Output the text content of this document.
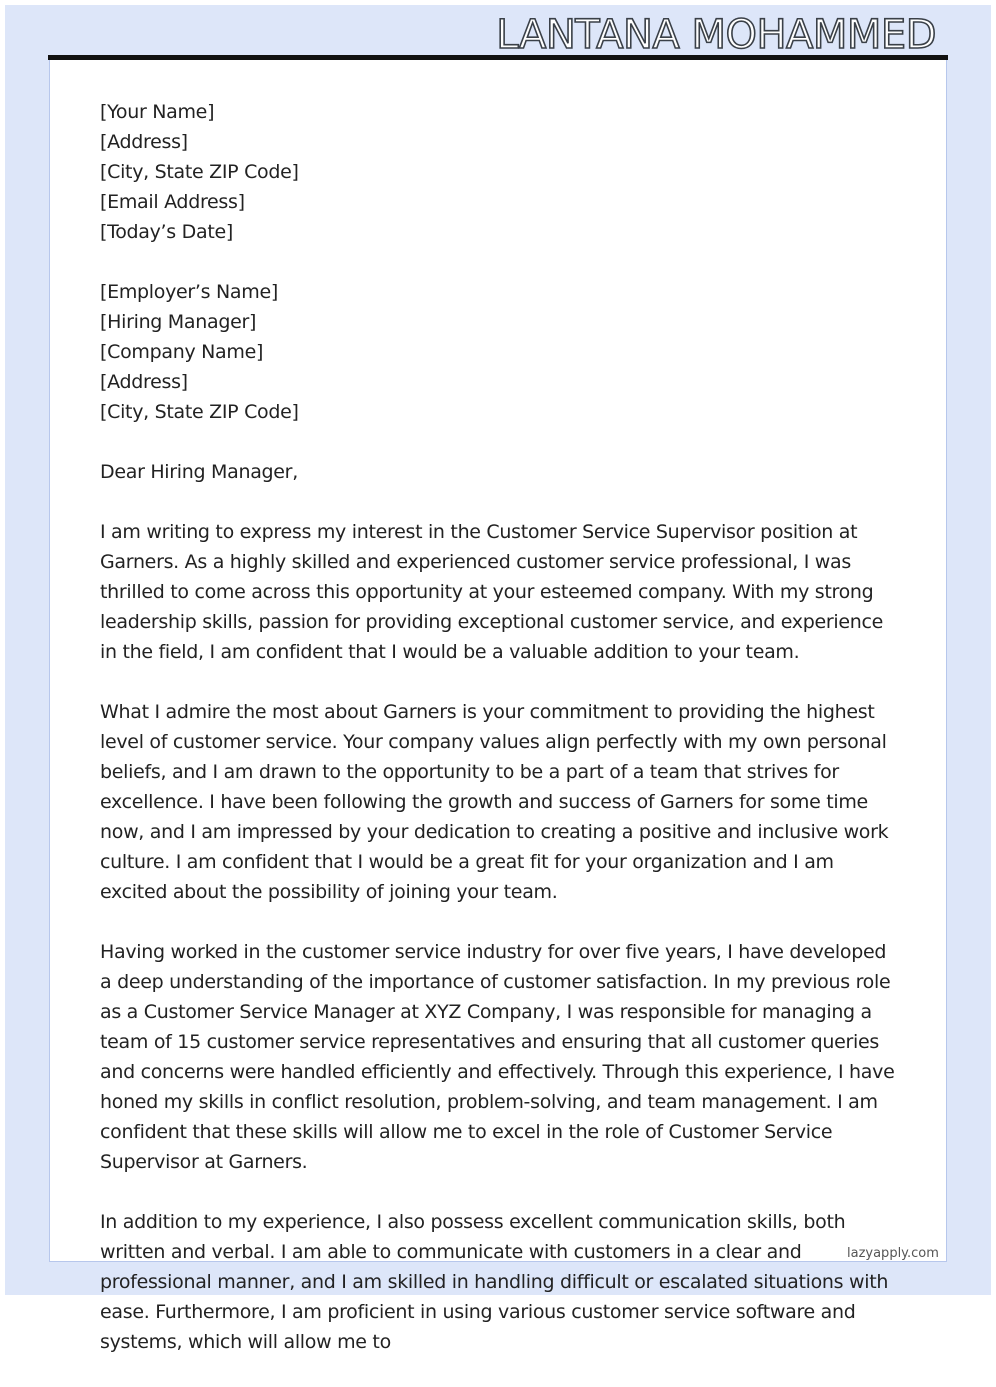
LANTANA MOHAMMED
[Your Name]
[Address]
[City, State ZIP Code]
[Email Address]
[Today’s Date]
[Employer’s Name]
[Hiring Manager]
[Company Name]
[Address]
[City, State ZIP Code]

Dear Hiring Manager,

I am writing to express my interest in the Customer Service Supervisor position at Garners. As a highly skilled and experienced customer service professional, I was thrilled to come across this opportunity at your esteemed company. With my strong leadership skills, passion for providing exceptional customer service, and experience in the field, I am confident that I would be a valuable addition to your team.

What I admire the most about Garners is your commitment to providing the highest level of customer service. Your company values align perfectly with my own personal beliefs, and I am drawn to the opportunity to be a part of a team that strives for excellence. I have been following the growth and success of Garners for some time now, and I am impressed by your dedication to creating a positive and inclusive work culture. I am confident that I would be a great fit for your organization and I am excited about the possibility of joining your team.

Having worked in the customer service industry for over five years, I have developed a deep understanding of the importance of customer satisfaction. In my previous role as a Customer Service Manager at XYZ Company, I was responsible for managing a team of 15 customer service representatives and ensuring that all customer queries and concerns were handled efficiently and effectively. Through this experience, I have honed my skills in conflict resolution, problem-solving, and team management. I am confident that these skills will allow me to excel in the role of Customer Service Supervisor at Garners.

In addition to my experience, I also possess excellent communication skills, both written and verbal. I am able to communicate with customers in a clear and professional manner, and I am skilled in handling difficult or escalated situations with ease. Furthermore, I am proficient in using various customer service software and systems, which will allow me to

lazyapply.com
